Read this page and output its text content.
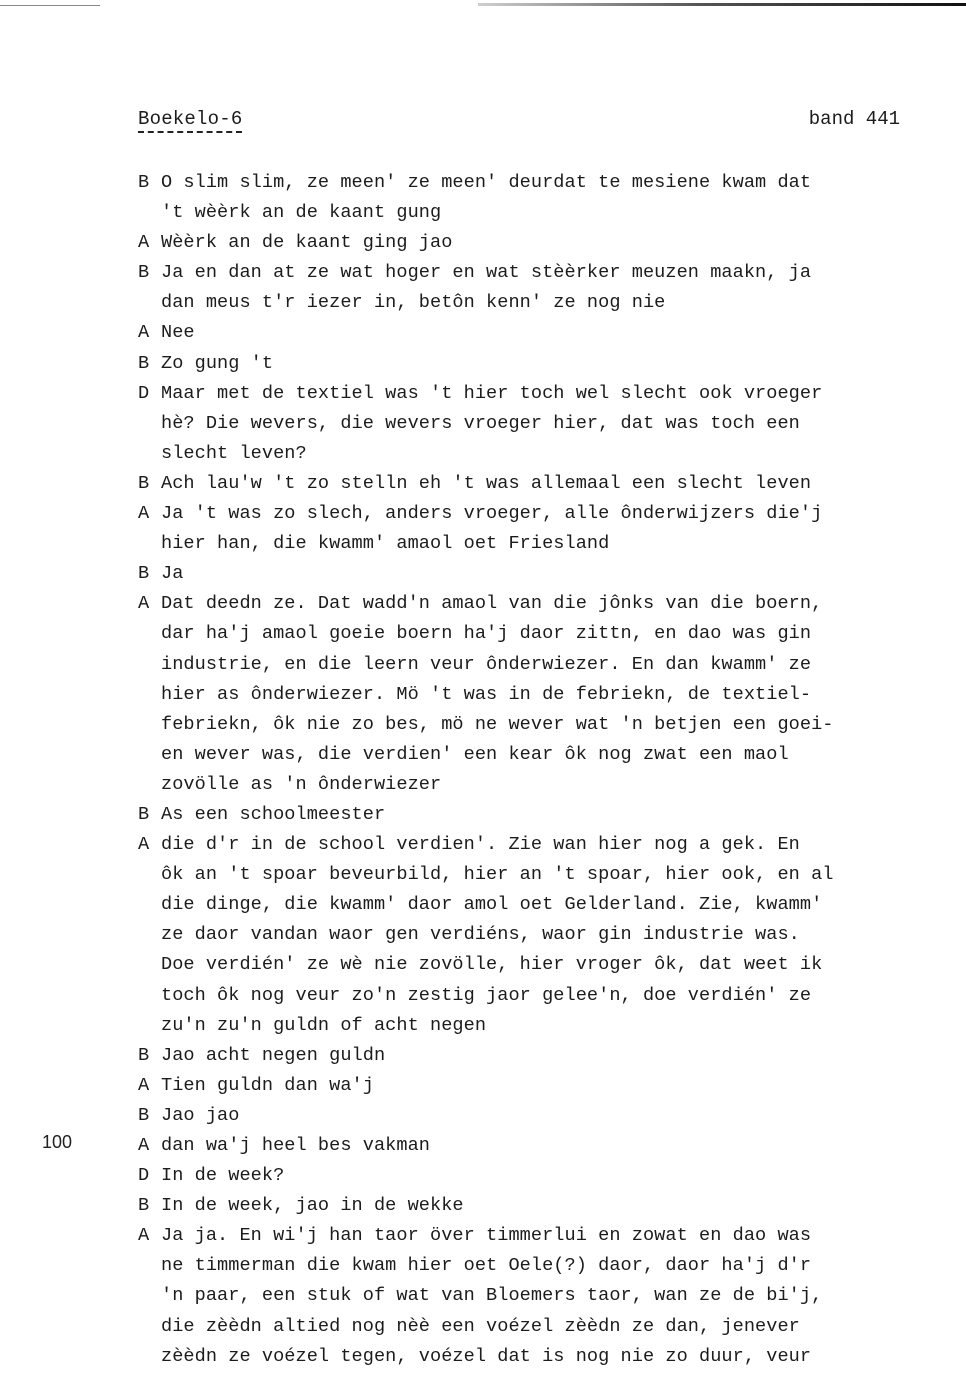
Boekelo-6	band 441
100
B O slim slim, ze meen' ze meen' deurdat te mesiene kwam dat
't wèèrk an de kaant gung
A Wèèrk an de kaant ging jao
B Ja en dan at ze wat hoger en wat stèèrker meuzen maakn, ja
dan meus t'r iezer in, betôn kenn' ze nog nie
A Nee
B Zo gung 't
D Maar met de textiel was 't hier toch wel slecht ook vroeger
hè? Die wevers, die wevers vroeger hier, dat was toch een
slecht leven?
B Ach lau'w 't zo stelln eh 't was allemaal een slecht leven
A Ja 't was zo slech, anders vroeger, alle ônderwijzers die'j
hier han, die kwamm' amaol oet Friesland
B Ja
A Dat deedn ze. Dat wadd'n amaol van die jônks van die boern,
dar ha'j amaol goeie boern ha'j daor zittn, en dao was gin
industrie, en die leern veur ônderwiezer. En dan kwamm' ze
hier as ônderwiezer. Mö 't was in de febriekn, de textiel-
febriekn, ôk nie zo bes, mö ne wever wat 'n betjen een goei-
en wever was, die verdien' een kear ôk nog zwat een maol
zovölle as 'n ônderwiezer
B As een schoolmeester
A die d'r in de school verdien'. Zie wan hier nog a gek. En
ôk an 't spoar beveurbild, hier an 't spoar, hier ook, en al
die dinge, die kwamm' daor amol oet Gelderland. Zie, kwamm'
ze daor vandan waor gen verdiéns, waor gin industrie was.
Doe verdién' ze wè nie zovölle, hier vroger ôk, dat weet ik
toch ôk nog veur zo'n zestig jaor gelee'n, doe verdién' ze
zu'n zu'n guldn of acht negen
B Jao acht negen guldn
A Tien guldn dan wa'j
B Jao jao
A dan wa'j heel bes vakman
D In de week?
B In de week, jao in de wekke
A Ja ja. En wi'j han taor över timmerlui en zowat en dao was
ne timmerman die kwam hier oet Oele(?) daor, daor ha'j d'r
'n paar, een stuk of wat van Bloemers taor, wan ze de bi'j,
die zèèdn altied nog nèè een voézel zèèdn ze dan, jenever
zèèdn ze voézel tegen, voézel dat is nog nie zo duur, veur
